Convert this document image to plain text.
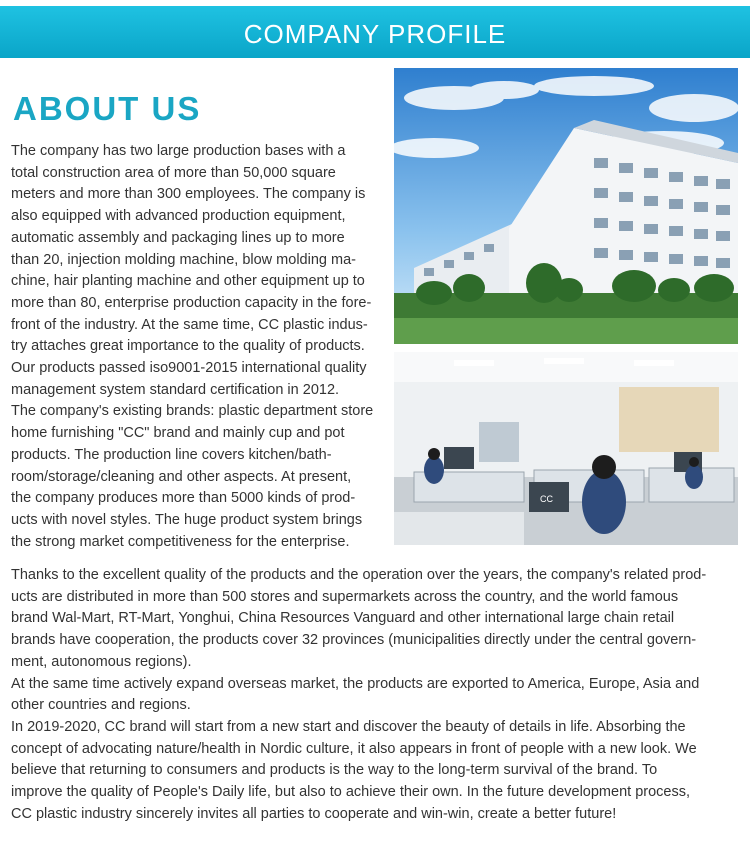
COMPANY PROFILE
ABOUT US

The company has two large production bases with a
total construction area of more than 50,000 square
meters and more than 300 employees. The company is
also equipped with advanced production equipment,
automatic assembly and packaging lines up to more
than 20, injection molding machine, blow molding ma-
chine, hair planting machine and other equipment up to
more than 80, enterprise production capacity in the fore-
front of the industry. At the same time, CC plastic indus-
try attaches great importance to the quality of products.
Our products passed iso9001-2015 international quality
management system standard certification in 2012.
The company's existing brands: plastic department store
home furnishing "CC" brand and mainly cup and pot
products. The production line covers kitchen/bath-
room/storage/cleaning and other aspects. At present,
the company produces more than 5000 kinds of prod-
ucts with novel styles. The huge product system brings
the strong market competitiveness for the enterprise.

CC

Thanks to the excellent quality of the products and the operation over the years, the company's related prod-
ucts are distributed in more than 500 stores and supermarkets across the country, and the world famous
brand Wal-Mart, RT-Mart, Yonghui, China Resources Vanguard and other international large chain retail
brands have cooperation, the products cover 32 provinces (municipalities directly under the central govern-
ment, autonomous regions).

At the same time actively expand overseas market, the products are exported to America, Europe, Asia and
other countries and regions.

In 2019-2020, CC brand will start from a new start and discover the beauty of details in life. Absorbing the
concept of advocating nature/health in Nordic culture, it also appears in front of people with a new look. We
believe that returning to consumers and products is the way to the long-term survival of the brand. To
improve the quality of People's Daily life, but also to achieve their own. In the future development process,
CC plastic industry sincerely invites all parties to cooperate and win-win, create a better future!
